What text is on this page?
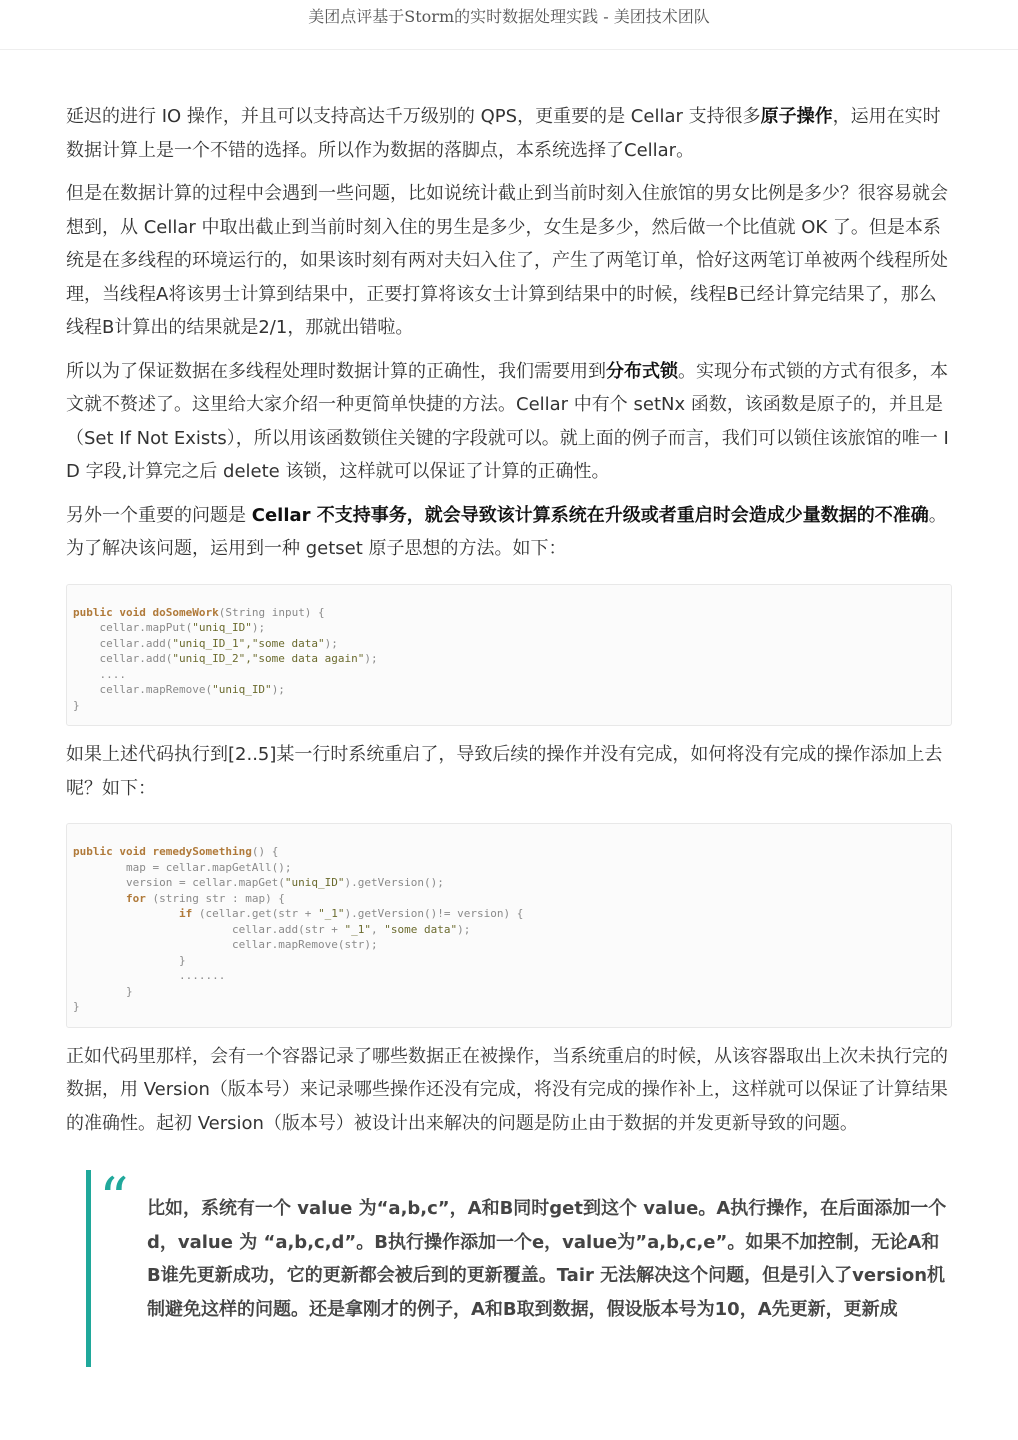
美团点评基于Storm的实时数据处理实践 - 美团技术团队

延迟的进行 IO 操作，并且可以支持高达千万级别的 QPS，更重要的是 Cellar 支持很多原子操作，运用在实时数据计算上是一个不错的选择。所以作为数据的落脚点，本系统选择了Cellar。

但是在数据计算的过程中会遇到一些问题，比如说统计截止到当前时刻入住旅馆的男女比例是多少？很容易就会想到，从 Cellar 中取出截止到当前时刻入住的男生是多少，女生是多少，然后做一个比值就 OK 了。但是本系统是在多线程的环境运行的，如果该时刻有两对夫妇入住了，产生了两笔订单，恰好这两笔订单被两个线程所处理，当线程A将该男士计算到结果中，正要打算将该女士计算到结果中的时候，线程B已经计算完结果了，那么线程B计算出的结果就是2/1，那就出错啦。

所以为了保证数据在多线程处理时数据计算的正确性，我们需要用到分布式锁。实现分布式锁的方式有很多，本文就不赘述了。这里给大家介绍一种更简单快捷的方法。Cellar 中有个 setNx 函数，该函数是原子的，并且是（Set If Not Exists），所以用该函数锁住关键的字段就可以。就上面的例子而言，我们可以锁住该旅馆的唯一 ID 字段,计算完之后 delete 该锁，这样就可以保证了计算的正确性。

另外一个重要的问题是 Cellar 不支持事务，就会导致该计算系统在升级或者重启时会造成少量数据的不准确。为了解决该问题，运用到一种 getset 原子思想的方法。如下：

public void doSomeWork(String input) {
cellar.mapPut("uniq_ID");
cellar.add("uniq_ID_1","some data");
cellar.add("uniq_ID_2","some data again");
....
cellar.mapRemove("uniq_ID");
}

如果上述代码执行到[2..5]某一行时系统重启了，导致后续的操作并没有完成，如何将没有完成的操作添加上去呢？如下：

public void remedySomething() {
map = cellar.mapGetAll();
version = cellar.mapGet("uniq_ID").getVersion();
for (string str : map) {
if (cellar.get(str + "_1").getVersion()!= version) {
cellar.add(str + "_1", "some data");
cellar.mapRemove(str);
}
.......
}
}

正如代码里那样，会有一个容器记录了哪些数据正在被操作，当系统重启的时候，从该容器取出上次未执行完的数据，用 Version（版本号）来记录哪些操作还没有完成，将没有完成的操作补上，这样就可以保证了计算结果的准确性。起初 Version（版本号）被设计出来解决的问题是防止由于数据的并发更新导致的问题。

“ 比如，系统有一个 value 为“a,b,c”，A和B同时get到这个 value。A执行操作，在后面添加一个d，value 为 “a,b,c,d”。B执行操作添加一个e，value为”a,b,c,e”。如果不加控制，无论A和B谁先更新成功，它的更新都会被后到的更新覆盖。Tair 无法解决这个问题，但是引入了version机制避免这样的问题。还是拿刚才的例子，A和B取到数据，假设版本号为10，A先更新，更新成
